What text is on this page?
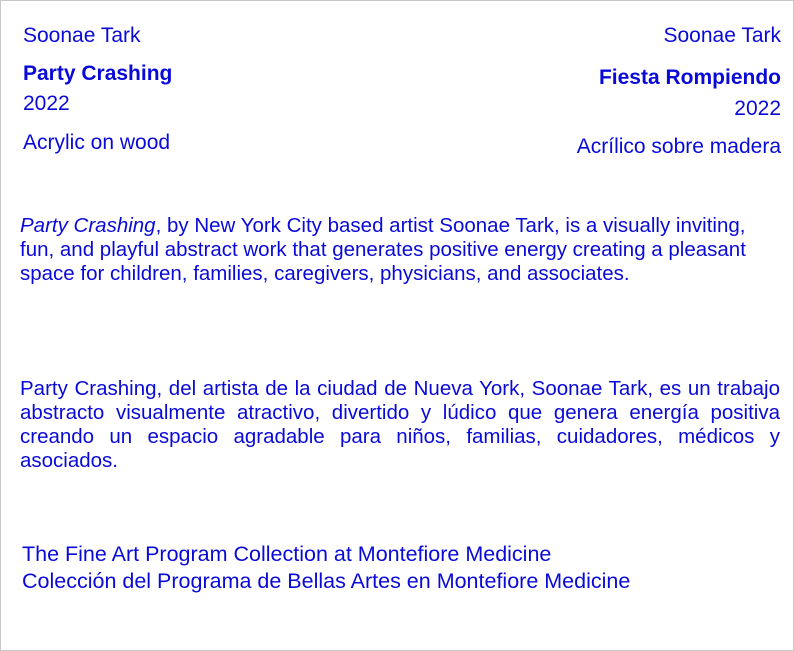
Soonae Tark

Party Crashing

2022

Acrylic on wood

Soonae Tark

Fiesta Rompiendo

2022

Acrílico sobre madera

Party Crashing, by New York City based artist Soonae Tark, is a visually inviting, fun, and playful abstract work that generates positive energy creating a pleasant space for children, families, caregivers, physicians, and associates.

Party Crashing, del artista de la ciudad de Nueva York, Soonae Tark, es un trabajo abstracto visualmente atractivo, divertido y lúdico que genera energía positiva creando un espacio agradable para niños, familias, cuidadores, médicos y asociados.

The Fine Art Program Collection at Montefiore Medicine
Colección del Programa de Bellas Artes en Montefiore Medicine
